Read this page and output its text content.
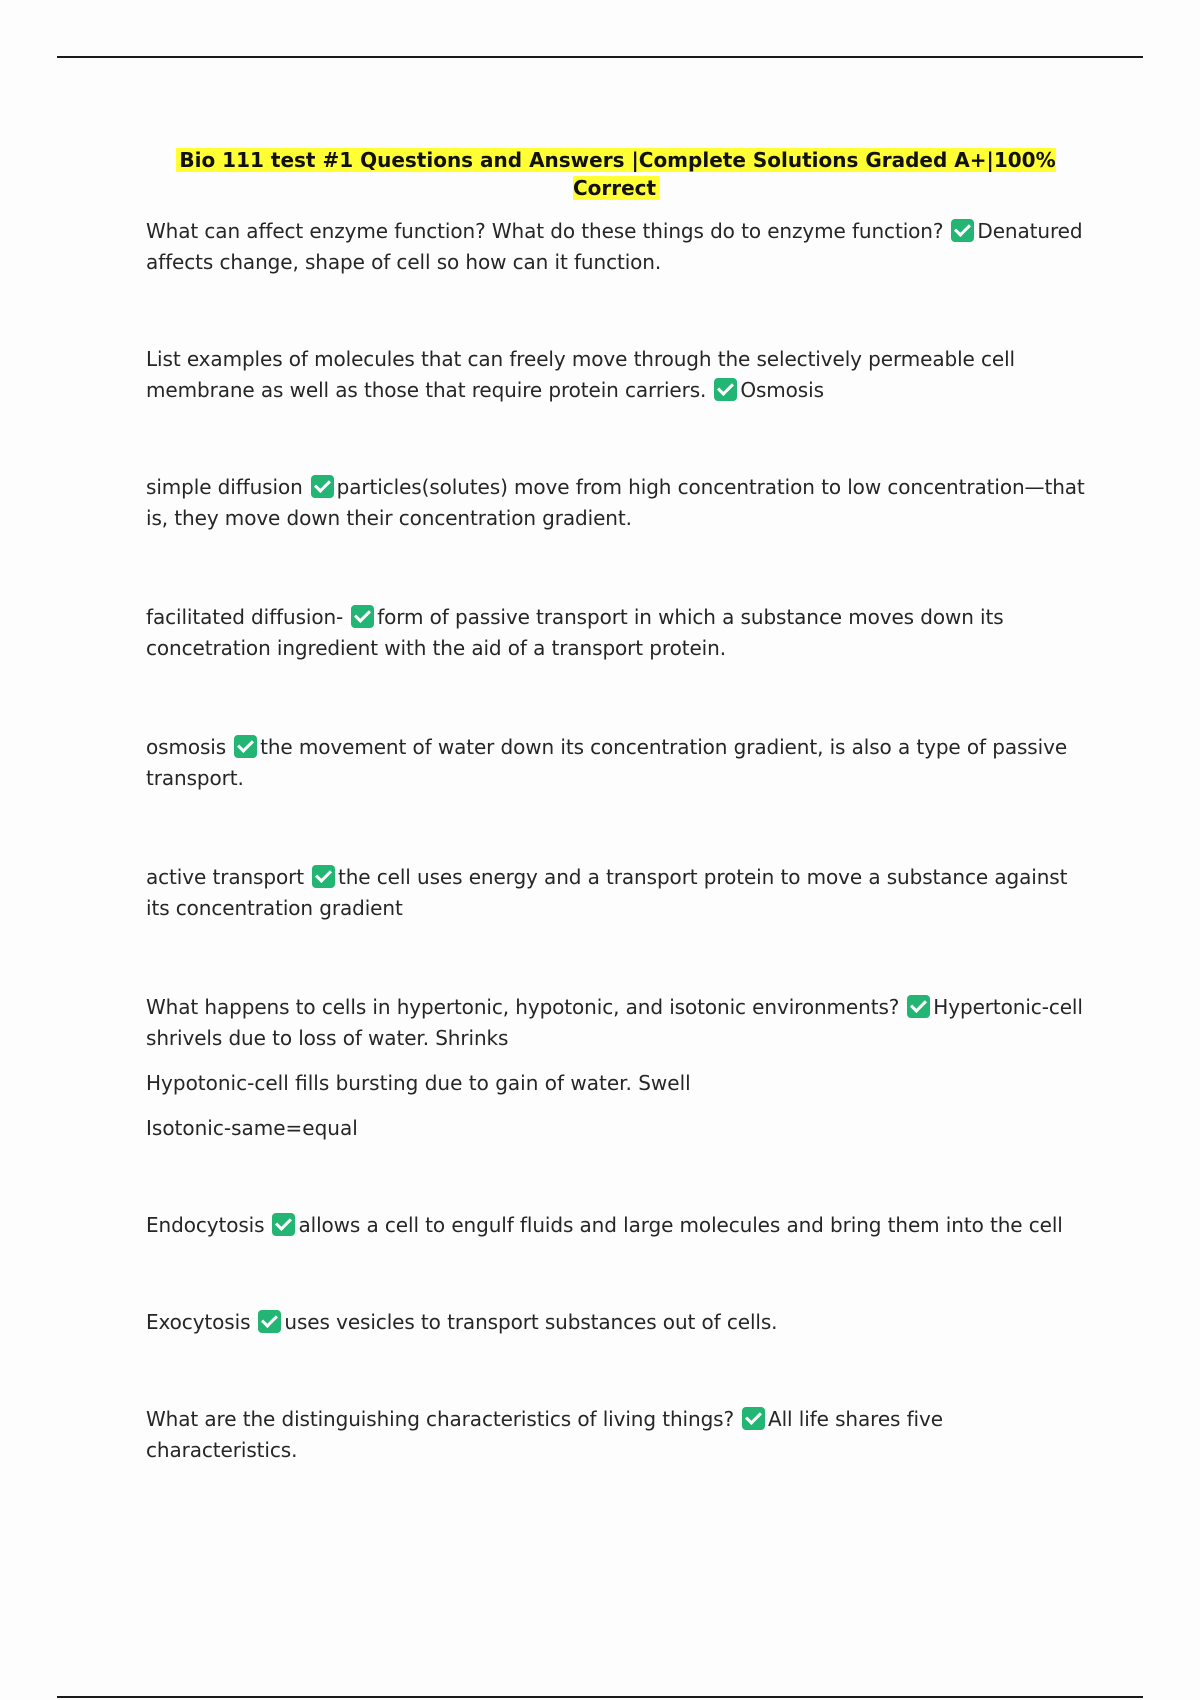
Bio 111 test #1 Questions and Answers |Complete Solutions Graded A+|100% Correct

What can affect enzyme function? What do these things do to enzyme function? Denatured affects change, shape of cell so how can it function.

List examples of molecules that can freely move through the selectively permeable cell membrane as well as those that require protein carriers. Osmosis

simple diffusion particles(solutes) move from high concentration to low concentration—that is, they move down their concentration gradient.

facilitated diffusion- form of passive transport in which a substance moves down its concetration ingredient with the aid of a transport protein.

osmosis the movement of water down its concentration gradient, is also a type of passive transport.

active transport the cell uses energy and a transport protein to move a substance against its concentration gradient

What happens to cells in hypertonic, hypotonic, and isotonic environments? Hypertonic-cell shrivels due to loss of water. Shrinks

Hypotonic-cell fills bursting due to gain of water. Swell

Isotonic-same=equal

Endocytosis allows a cell to engulf fluids and large molecules and bring them into the cell

Exocytosis uses vesicles to transport substances out of cells.

What are the distinguishing characteristics of living things? All life shares five characteristics.
